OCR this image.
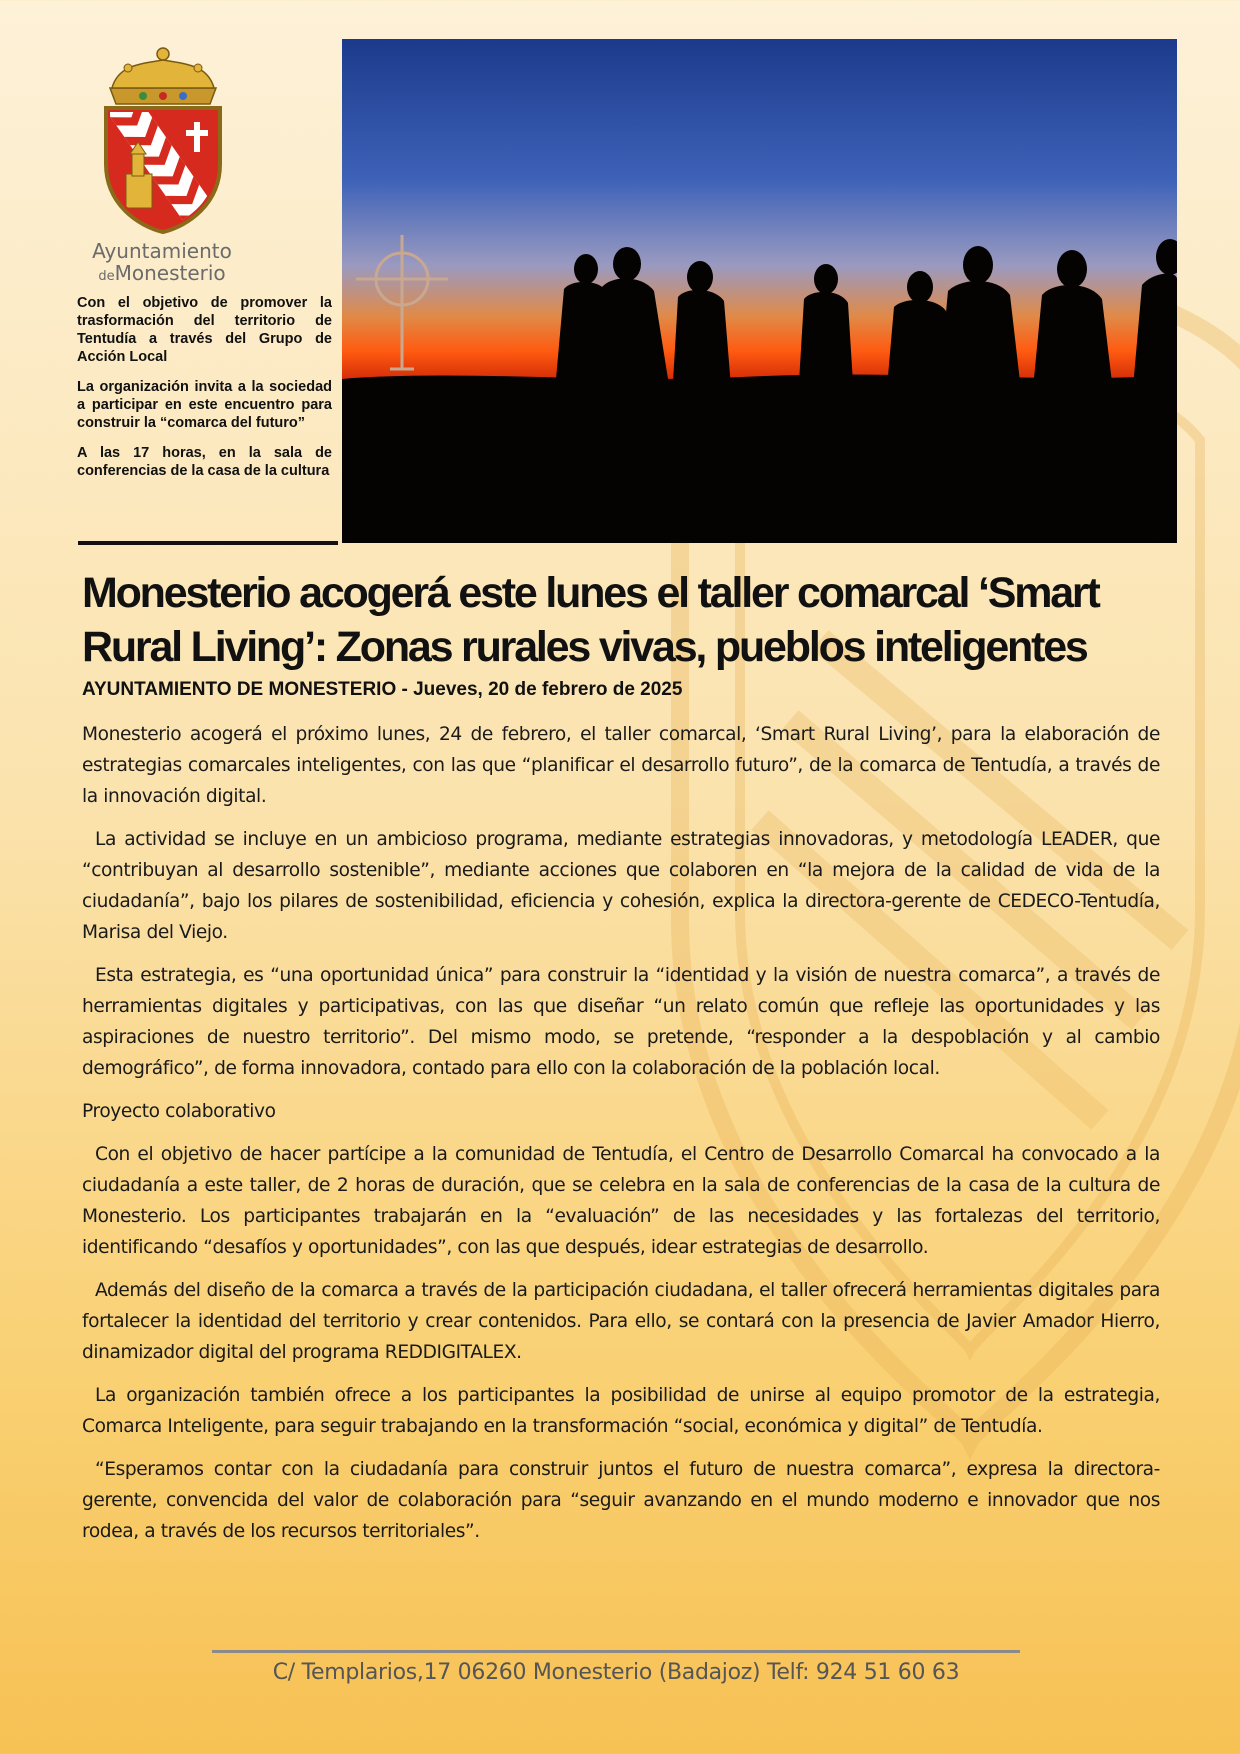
Ayuntamiento
deMonesterio

Con el objetivo de promover la trasformación del territorio de Tentudía a través del Grupo de Acción Local

La organización invita a la sociedad a participar en este encuentro para construir la “comarca del futuro”

A las 17 horas, en la sala de conferencias de la casa de la cultura

Monesterio acogerá este lunes el taller comarcal ‘Smart Rural Living’: Zonas rurales vivas, pueblos inteligentes

AYUNTAMIENTO DE MONESTERIO - Jueves, 20 de febrero de 2025

Monesterio acogerá el próximo lunes, 24 de febrero, el taller comarcal, ‘Smart Rural Living’, para la elaboración de estrategias comarcales inteligentes, con las que “planificar el desarrollo futuro”, de la comarca de Tentudía, a través de la innovación digital.

La actividad se incluye en un ambicioso programa, mediante estrategias innovadoras, y metodología LEADER, que “contribuyan al desarrollo sostenible”, mediante acciones que colaboren en “la mejora de la calidad de vida de la ciudadanía”, bajo los pilares de sostenibilidad, eficiencia y cohesión, explica la directora-gerente de CEDECO-Tentudía, Marisa del Viejo.

Esta estrategia, es “una oportunidad única” para construir la “identidad y la visión de nuestra comarca”, a través de herramientas digitales y participativas, con las que diseñar “un relato común que refleje las oportunidades y las aspiraciones de nuestro territorio”. Del mismo modo, se pretende, “responder a la despoblación y al cambio demográfico”, de forma innovadora, contado para ello con la colaboración de la población local.

Proyecto colaborativo

Con el objetivo de hacer partícipe a la comunidad de Tentudía, el Centro de Desarrollo Comarcal ha convocado a la ciudadanía a este taller, de 2 horas de duración, que se celebra en la sala de conferencias de la casa de la cultura de Monesterio. Los participantes trabajarán en la “evaluación” de las necesidades y las fortalezas del territorio, identificando “desafíos y oportunidades”, con las que después, idear estrategias de desarrollo.

Además del diseño de la comarca a través de la participación ciudadana, el taller ofrecerá herramientas digitales para fortalecer la identidad del territorio y crear contenidos. Para ello, se contará con la presencia de Javier Amador Hierro, dinamizador digital del programa REDDIGITALEX.

La organización también ofrece a los participantes la posibilidad de unirse al equipo promotor de la estrategia, Comarca Inteligente, para seguir trabajando en la transformación “social, económica y digital” de Tentudía.

“Esperamos contar con la ciudadanía para construir juntos el futuro de nuestra comarca”, expresa la directora-gerente, convencida del valor de colaboración para “seguir avanzando en el mundo moderno e innovador que nos rodea, a través de los recursos territoriales”.

C/ Templarios,17 06260 Monesterio (Badajoz) Telf: 924 51 60 63
